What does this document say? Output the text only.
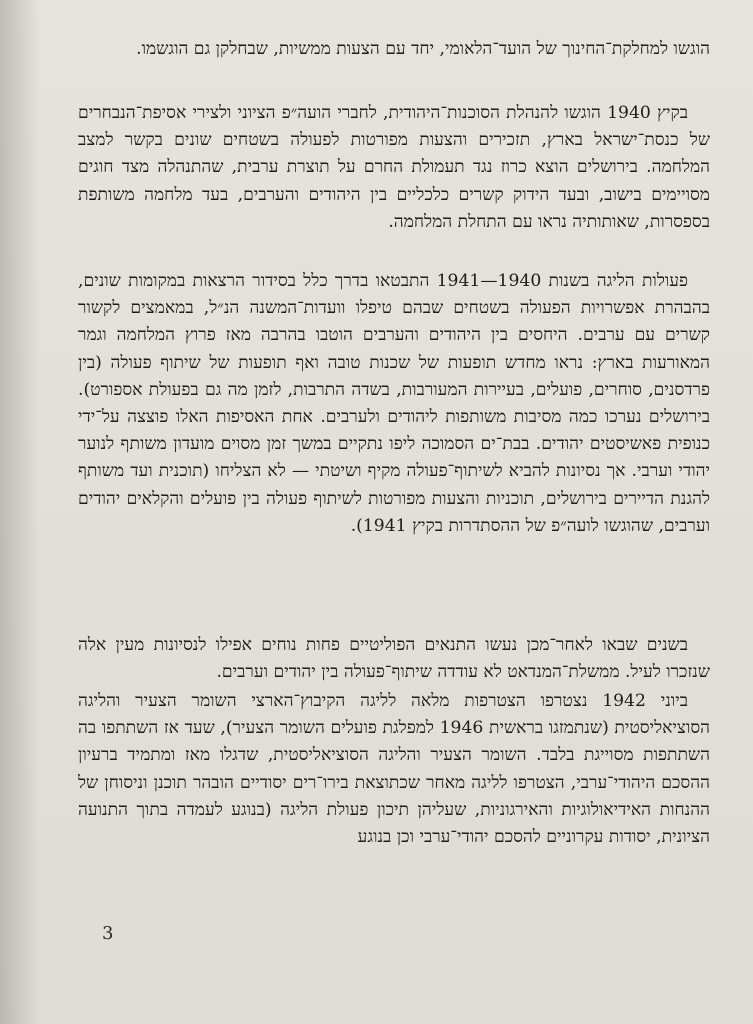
הוגשו למחלקת־החינוך של הועד־הלאומי, יחד עם הצעות ממשיות, שבחלקן גם הוגשמו.

בקיץ 1940 הוגשו להנהלת הסוכנות־היהודית, לחברי הועה״פ הציוני ולצירי אסיפת־הנבחרים של כנסת־ישראל בארץ, תזכירים והצעות מפורטות לפעולה בשטחים שונים בקשר למצב המלחמה. בירושלים הוצא כרוז נגד תעמולת החרם על תוצרת ערבית, שהתנהלה מצד חוגים מסויימים בישוב, ובעד הידוק קשרים כלכליים בין היהודים והערבים, בעד מלחמה משותפת בספסרות, שאותותיה נראו עם התחלת המלחמה.

פעולות הליגה בשנות 1940—1941 התבטאו בדרך כלל בסידור הרצאות במקומות שונים, בהבהרת אפשרויות הפעולה בשטחים שבהם טיפלו וועדות־המשנה הנ״ל, במאמצים לקשור קשרים עם ערבים. היחסים בין היהודים והערבים הוטבו בהרבה מאז פרוץ המלחמה וגמר המאורעות בארץ: נראו מחדש תופעות של שכנות טובה ואף תופעות של שיתוף פעולה (בין פרדסנים, סוחרים, פועלים, בעיירות המעורבות, בשדה התרבות, לזמן מה גם בפעולת אספורט). בירושלים נערכו כמה מסיבות משותפות ליהודים ולערבים. אחת האסיפות האלו פוצצה על־ידי כנופית פאשיסטים יהודים. בבת־ים הסמוכה ליפו נתקיים במשך זמן מסוים מועדון משותף לנוער יהודי וערבי. אך נסיונות להביא לשיתוף־פעולה מקיף ושיטתי — לא הצליחו (תוכנית ועד משותף להגנת הדיירים בירושלים, תוכניות והצעות מפורטות לשיתוף פעולה בין פועלים והקלאים יהודים וערבים, שהוגשו לועה״פ של ההסתדרות בקיץ 1941).

בשנים שבאו לאחר־מכן נעשו התנאים הפוליטיים פחות נוחים אפילו לנסיונות מעין אלה שנזכרו לעיל. ממשלת־המנדאט לא עודדה שיתוף־פעולה בין יהודים וערבים.

ביוני 1942 נצטרפו הצטרפות מלאה לליגה הקיבוץ־הארצי השומר הצעיר והליגה הסוציאליסטית (שנתמזגו בראשית 1946 למפלגת פועלים השומר הצעיר), שעד אז השתתפו בה השתתפות מסוייגת בלבד. השומר הצעיר והליגה הסוציאליסטית, שדגלו מאז ומתמיד ברעיון ההסכם היהודי־ערבי, הצטרפו לליגה מאחר שכתוצאת בירו־רים יסודיים הובהר תוכנן וניסוחן של ההנחות האידיאולוגיות והאירגוניות, שעליהן תיכון פעולת הליגה (בנוגע לעמדה בתוך התנועה הציונית, יסודות עקרוניים להסכם יהודי־ערבי וכן בנוגע

3
